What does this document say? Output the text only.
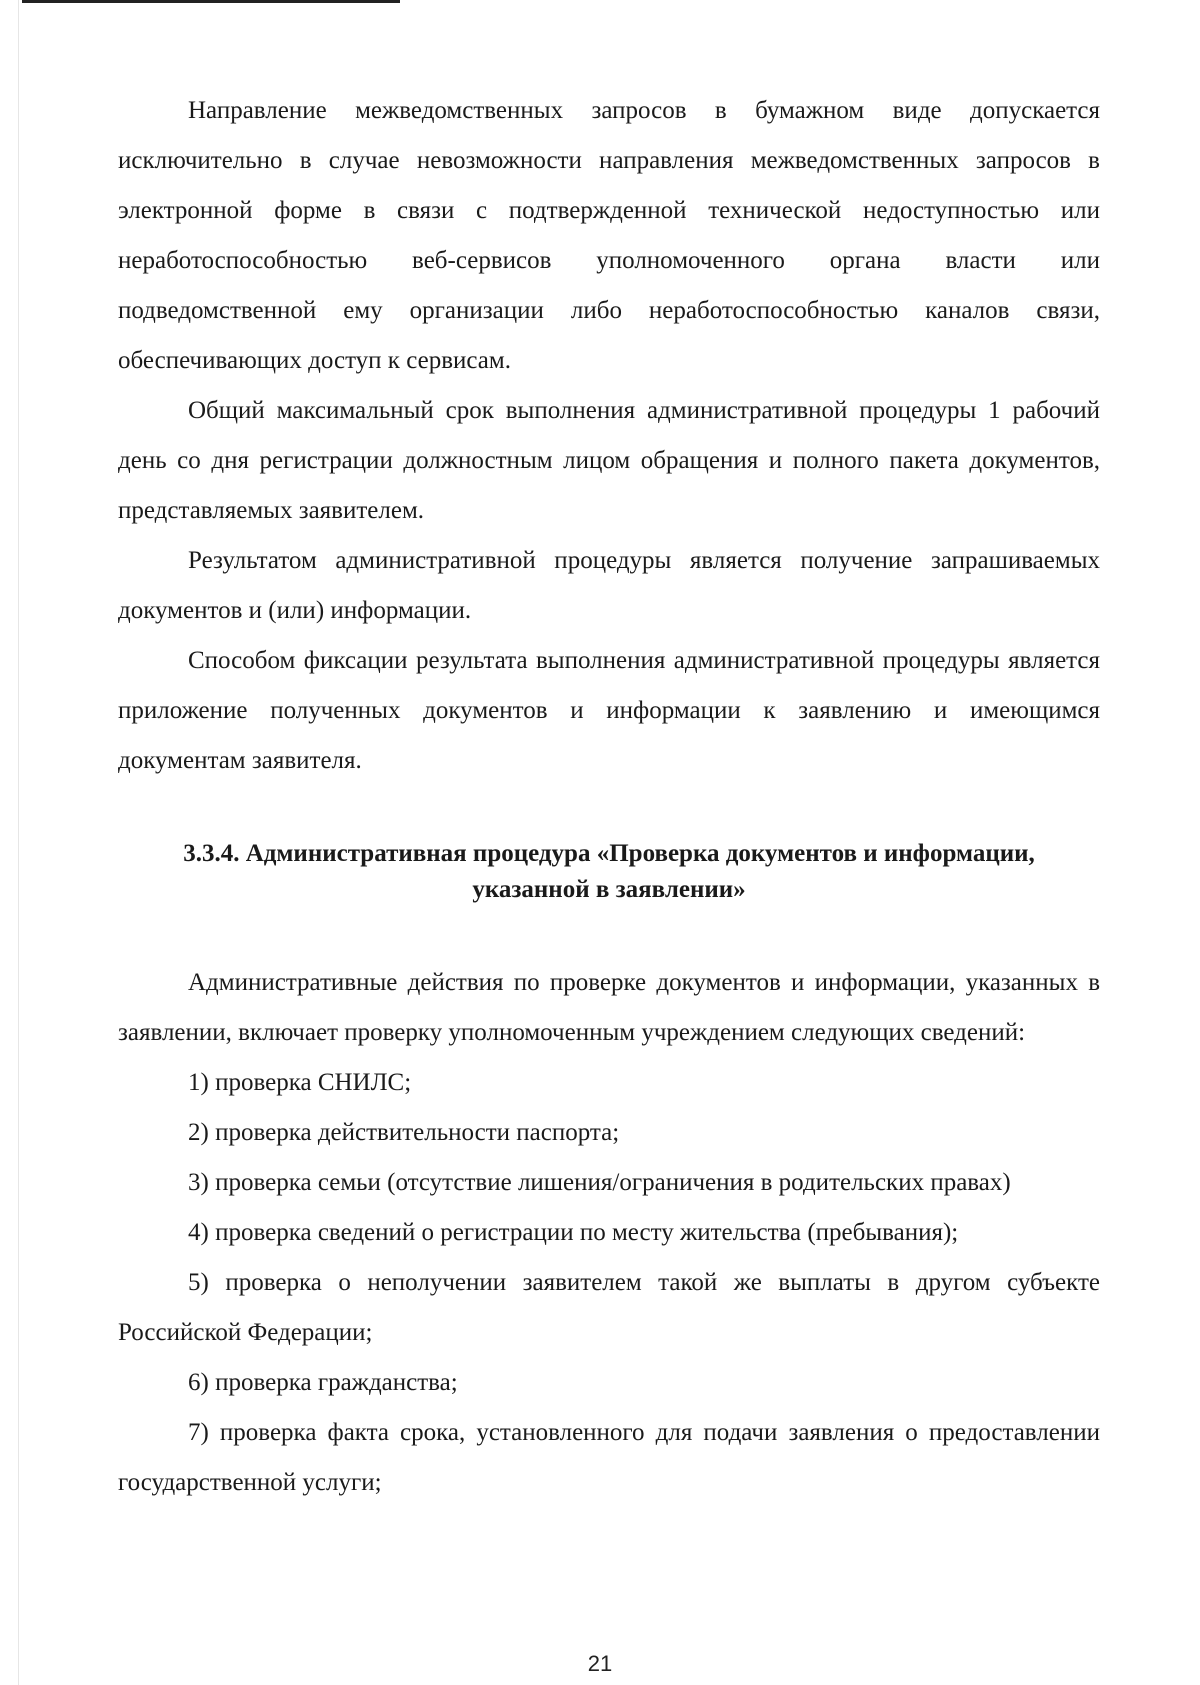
Направление межведомственных запросов в бумажном виде допускается исключительно в случае невозможности направления межведомственных запросов в электронной форме в связи с подтвержденной технической недоступностью или неработоспособностью веб-сервисов уполномоченного органа власти или подведомственной ему организации либо неработоспособностью каналов связи, обеспечивающих доступ к сервисам.

Общий максимальный срок выполнения административной процедуры 1 рабочий день со дня регистрации должностным лицом обращения и полного пакета документов, представляемых заявителем.

Результатом административной процедуры является получение запрашиваемых документов и (или) информации.

Способом фиксации результата выполнения административной процедуры является приложение полученных документов и информации к заявлению и имеющимся документам заявителя.

3.3.4. Административная процедура «Проверка документов и информации,
указанной в заявлении»

Административные действия по проверке документов и информации, указанных в заявлении, включает проверку уполномоченным учреждением следующих сведений:

1) проверка СНИЛС;

2) проверка действительности паспорта;

3) проверка семьи (отсутствие лишения/ограничения в родительских правах)

4) проверка сведений о регистрации по месту жительства (пребывания);

5) проверка о неполучении заявителем такой же выплаты в другом субъекте Российской Федерации;

6) проверка гражданства;

7) проверка факта срока, установленного для подачи заявления о предоставлении государственной услуги;

21
